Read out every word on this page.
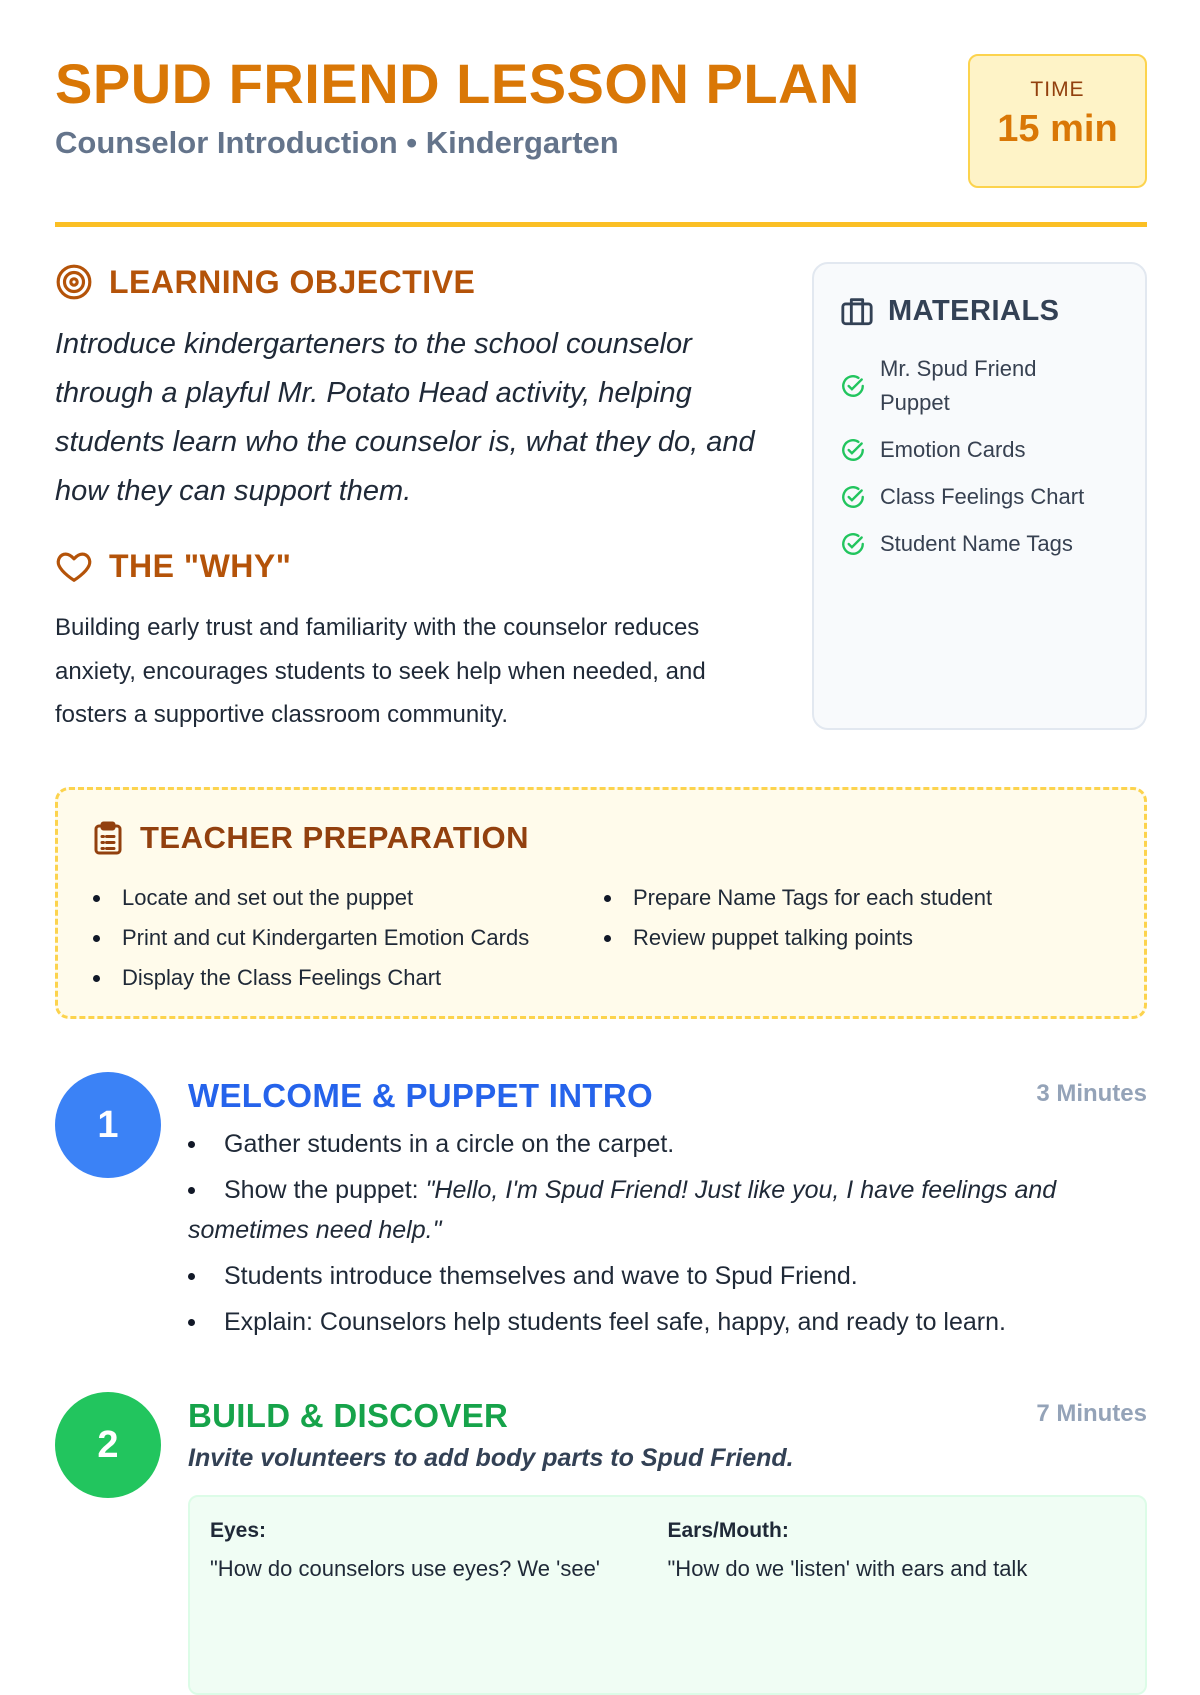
SPUD FRIEND LESSON PLAN
Counselor Introduction • Kindergarten
TIME
15 min
LEARNING OBJECTIVE
Introduce kindergarteners to the school counselor through a playful Mr. Potato Head activity, helping students learn who the counselor is, what they do, and how they can support them.
THE "WHY"
Building early trust and familiarity with the counselor reduces anxiety, encourages students to seek help when needed, and fosters a supportive classroom community.
MATERIALS
Mr. Spud Friend Puppet
Emotion Cards
Class Feelings Chart
Student Name Tags
TEACHER PREPARATION
Locate and set out the puppet
Print and cut Kindergarten Emotion Cards
Display the Class Feelings Chart
Prepare Name Tags for each student
Review puppet talking points
1
WELCOME & PUPPET INTRO	3 Minutes
Gather students in a circle on the carpet.
Show the puppet: "Hello, I'm Spud Friend! Just like you, I have feelings and sometimes need help."
Students introduce themselves and wave to Spud Friend.
Explain: Counselors help students feel safe, happy, and ready to learn.
2
BUILD & DISCOVER	7 Minutes
Invite volunteers to add body parts to Spud Friend.
Eyes:
"How do counselors use eyes? We 'see'
Ears/Mouth:
"How do we 'listen' with ears and talk
